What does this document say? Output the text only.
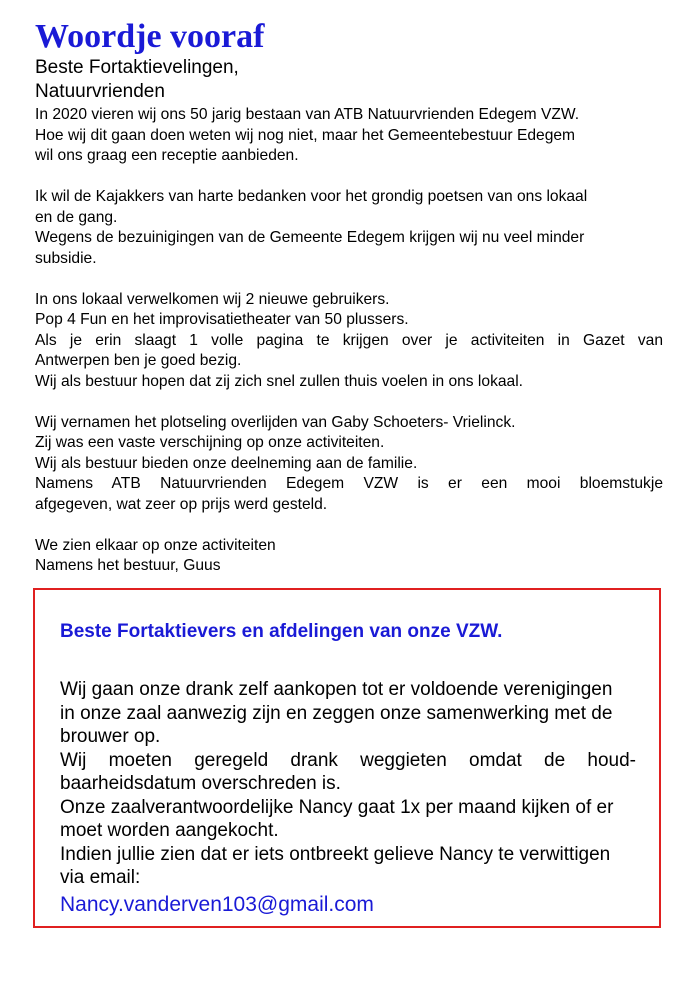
Woordje vooraf

Beste Fortaktievelingen,

Natuurvrienden

In 2020 vieren wij ons 50 jarig bestaan van ATB Natuurvrienden Edegem VZW.
Hoe wij dit gaan doen weten wij nog niet, maar het Gemeentebestuur Edegem
wil ons graag een receptie aanbieden.

Ik wil de Kajakkers van harte bedanken voor het grondig poetsen van ons lokaal
en de gang.
Wegens de bezuinigingen van de Gemeente Edegem krijgen wij nu veel minder
subsidie.

In ons lokaal verwelkomen wij 2 nieuwe gebruikers.
Pop 4 Fun en het improvisatietheater van 50 plussers.
Als je erin slaagt 1 volle pagina te krijgen over je activiteiten in Gazet van
Antwerpen ben je goed bezig.
Wij als bestuur hopen dat zij zich snel zullen thuis voelen in ons lokaal.

Wij vernamen het plotseling overlijden van Gaby Schoeters- Vrielinck.
Zij was een vaste verschijning op onze activiteiten.
Wij als bestuur bieden onze deelneming aan de familie.
Namens ATB Natuurvrienden Edegem VZW is er een mooi bloemstukje
afgegeven, wat zeer op prijs werd gesteld.

We zien elkaar op onze activiteiten
Namens het bestuur, Guus

Beste Fortaktievers en afdelingen van onze VZW.

Wij gaan onze drank zelf aankopen tot er voldoende verenigingen
in onze zaal aanwezig zijn en zeggen onze samenwerking met de
brouwer op.
Wij moeten geregeld drank weggieten omdat de houd-
baarheidsdatum overschreden is.
Onze zaalverantwoordelijke Nancy gaat 1x per maand kijken of er
moet worden aangekocht.
Indien jullie zien dat er iets ontbreekt gelieve Nancy te verwittigen
via email:

Nancy.vanderven103@gmail.com
